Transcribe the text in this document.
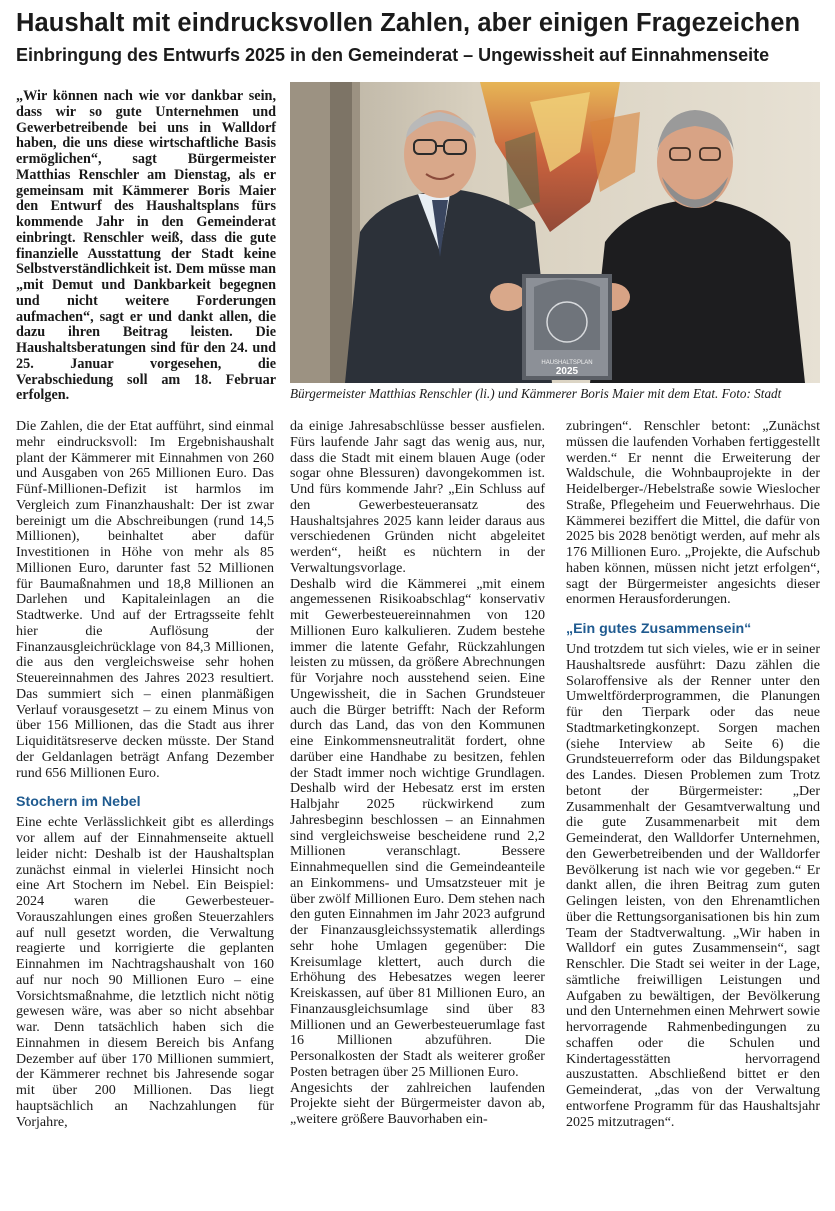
Haushalt mit eindrucksvollen Zahlen, aber einigen Fragezeichen
Einbringung des Entwurfs 2025 in den Gemeinderat – Ungewissheit auf Einnahmenseite

„Wir können nach wie vor dankbar sein, dass wir so gute Unternehmen und Gewerbetreibende bei uns in Walldorf haben, die uns diese wirtschaftliche Basis ermöglichen“, sagt Bürgermeister Matthias Renschler am Dienstag, als er gemeinsam mit Kämmerer Boris Maier den Entwurf des Haushaltsplans fürs kommende Jahr in den Gemeinderat einbringt. Renschler weiß, dass die gute finanzielle Ausstattung der Stadt keine Selbstverständlichkeit ist. Dem müsse man „mit Demut und Dankbarkeit begegnen und nicht weitere Forderungen aufmachen“, sagt er und dankt allen, die dazu ihren Beitrag leisten. Die Haushaltsberatungen sind für den 24. und 25. Januar vorgesehen, die Verabschiedung soll am 18. Februar erfolgen.

HAUSHALTSPLAN
2025
Bürgermeister Matthias Renschler (li.) und Kämmerer Boris Maier mit dem Etat. Foto: Stadt

Die Zahlen, die der Etat aufführt, sind einmal mehr eindrucksvoll: Im Ergebnishaushalt plant der Kämmerer mit Einnahmen von 260 und Ausgaben von 265 Millionen Euro. Das Fünf-Millionen-Defizit ist harmlos im Vergleich zum Finanzhaushalt: Der ist zwar bereinigt um die Abschreibungen (rund 14,5 Millionen), beinhaltet aber dafür Investitionen in Höhe von mehr als 85 Millionen Euro, darunter fast 52 Millionen für Baumaßnahmen und 18,8 Millionen an Darlehen und Kapitaleinlagen an die Stadtwerke. Und auf der Ertragsseite fehlt hier die Auflösung der Finanzausgleichrücklage von 84,3 Millionen, die aus den vergleichsweise sehr hohen Steuereinnahmen des Jahres 2023 resultiert. Das summiert sich – einen planmäßigen Verlauf vorausgesetzt – zu einem Minus von über 156 Millionen, das die Stadt aus ihrer Liquiditätsreserve decken müsste. Der Stand der Geldanlagen beträgt Anfang Dezember rund 656 Millionen Euro.

Stochern im Nebel

Eine echte Verlässlichkeit gibt es allerdings vor allem auf der Einnahmenseite aktuell leider nicht: Deshalb ist der Haushaltsplan zunächst einmal in vielerlei Hinsicht noch eine Art Stochern im Nebel. Ein Beispiel: 2024 waren die Gewerbesteuer-Vorauszahlungen eines großen Steuerzahlers auf null gesetzt worden, die Verwaltung reagierte und korrigierte die geplanten Einnahmen im Nachtragshaushalt von 160 auf nur noch 90 Millionen Euro – eine Vorsichtsmaßnahme, die letztlich nicht nötig gewesen wäre, was aber so nicht absehbar war. Denn tatsächlich haben sich die Einnahmen in diesem Bereich bis Anfang Dezember auf über 170 Millionen summiert, der Kämmerer rechnet bis Jahresende sogar mit über 200 Millionen. Das liegt hauptsächlich an Nachzahlungen für Vorjahre,

da einige Jahresabschlüsse besser ausfielen. Fürs laufende Jahr sagt das wenig aus, nur, dass die Stadt mit einem blauen Auge (oder sogar ohne Blessuren) davongekommen ist. Und fürs kommende Jahr? „Ein Schluss auf den Gewerbesteueransatz des Haushaltsjahres 2025 kann leider daraus aus verschiedenen Gründen nicht abgeleitet werden“, heißt es nüchtern in der Verwaltungsvorlage.

Deshalb wird die Kämmerei „mit einem angemessenen Risikoabschlag“ konservativ mit Gewerbesteuereinnahmen von 120 Millionen Euro kalkulieren. Zudem bestehe immer die latente Gefahr, Rückzahlungen leisten zu müssen, da größere Abrechnungen für Vorjahre noch ausstehend seien. Eine Ungewissheit, die in Sachen Grundsteuer auch die Bürger betrifft: Nach der Reform durch das Land, das von den Kommunen eine Einkommensneutralität fordert, ohne darüber eine Handhabe zu besitzen, fehlen der Stadt immer noch wichtige Grundlagen. Deshalb wird der Hebesatz erst im ersten Halbjahr 2025 rückwirkend zum Jahresbeginn beschlossen – an Einnahmen sind vergleichsweise bescheidene rund 2,2 Millionen veranschlagt. Bessere Einnahmequellen sind die Gemeindeanteile an Einkommens- und Umsatzsteuer mit je über zwölf Millionen Euro. Dem stehen nach den guten Einnahmen im Jahr 2023 aufgrund der Finanzausgleichssystematik allerdings sehr hohe Umlagen gegenüber: Die Kreisumlage klettert, auch durch die Erhöhung des Hebesatzes wegen leerer Kreiskassen, auf über 81 Millionen Euro, an Finanzausgleichsumlage sind über 83 Millionen und an Gewerbesteuerumlage fast 16 Millionen abzuführen. Die Personalkosten der Stadt als weiterer großer Posten betragen über 25 Millionen Euro.

Angesichts der zahlreichen laufenden Projekte sieht der Bürgermeister davon ab, „weitere größere Bauvorhaben ein-

zubringen“. Renschler betont: „Zunächst müssen die laufenden Vorhaben fertiggestellt werden.“ Er nennt die Erweiterung der Waldschule, die Wohnbauprojekte in der Heidelberger-/Hebelstraße sowie Wieslocher Straße, Pflegeheim und Feuerwehrhaus. Die Kämmerei beziffert die Mittel, die dafür von 2025 bis 2028 benötigt werden, auf mehr als 176 Millionen Euro. „Projekte, die Aufschub haben können, müssen nicht jetzt erfolgen“, sagt der Bürgermeister angesichts dieser enormen Herausforderungen.

„Ein gutes Zusammensein“

Und trotzdem tut sich vieles, wie er in seiner Haushaltsrede ausführt: Dazu zählen die Solaroffensive als der Renner unter den Umweltförderprogrammen, die Planungen für den Tierpark oder das neue Stadtmarketingkonzept. Sorgen machen (siehe Interview ab Seite 6) die Grundsteuerreform oder das Bildungspaket des Landes. Diesen Problemen zum Trotz betont der Bürgermeister: „Der Zusammenhalt der Gesamtverwaltung und die gute Zusammenarbeit mit dem Gemeinderat, den Walldorfer Unternehmen, den Gewerbetreibenden und der Walldorfer Bevölkerung ist nach wie vor gegeben.“ Er dankt allen, die ihren Beitrag zum guten Gelingen leisten, von den Ehrenamtlichen über die Rettungsorganisationen bis hin zum Team der Stadtverwaltung. „Wir haben in Walldorf ein gutes Zusammensein“, sagt Renschler. Die Stadt sei weiter in der Lage, sämtliche freiwilligen Leistungen und Aufgaben zu bewältigen, der Bevölkerung und den Unternehmen einen Mehrwert sowie hervorragende Rahmenbedingungen zu schaffen oder die Schulen und Kindertagesstätten hervorragend auszustatten. Abschließend bittet er den Gemeinderat, „das von der Verwaltung entworfene Programm für das Haushaltsjahr 2025 mitzutragen“.
